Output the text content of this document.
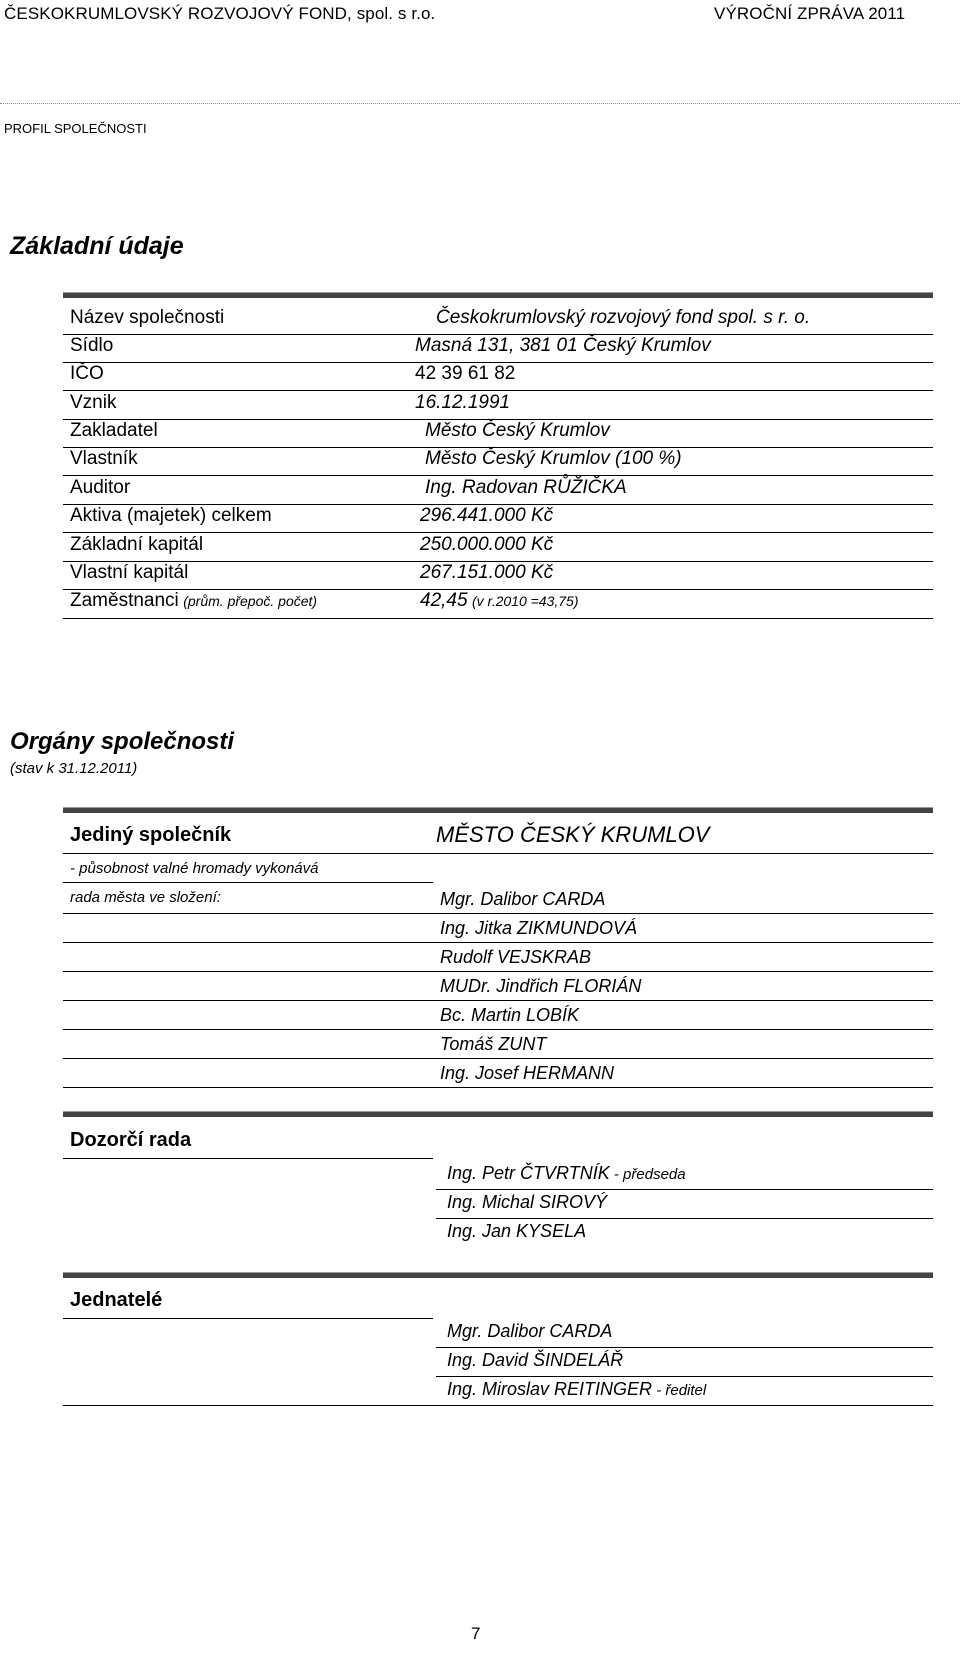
ČESKOKRUMLOVSKÝ ROZVOJOVÝ FOND, spol. s r.o.	VÝROČNÍ ZPRÁVA 2011
PROFIL SPOLEČNOSTI
Základní údaje
Název společnosti	Českokrumlovský rozvojový fond spol. s r. o.
Sídlo	Masná 131, 381 01 Český Krumlov
IČO	42 39 61 82
Vznik	16.12.1991
Zakladatel	Město Český Krumlov
Vlastník	Město Český Krumlov (100 %)
Auditor	Ing. Radovan RŮŽIČKA
Aktiva (majetek) celkem	296.441.000 Kč
Základní kapitál	250.000.000 Kč
Vlastní kapitál	267.151.000 Kč
Zaměstnanci (prům. přepoč. počet)	42,45 (v r.2010 =43,75)
Orgány společnosti
(stav k 31.12.2011)
Jediný společník	MĚSTO ČESKÝ KRUMLOV
- působnost valné hromady vykonává
rada města ve složení:	Mgr. Dalibor CARDA
Ing. Jitka ZIKMUNDOVÁ
Rudolf VEJSKRAB
MUDr. Jindřich FLORIÁN
Bc. Martin LOBÍK
Tomáš ZUNT
Ing. Josef HERMANN
Dozorčí rada
Ing. Petr ČTVRTNÍK - předseda
Ing. Michal SIROVÝ
Ing. Jan KYSELA
Jednatelé
Mgr. Dalibor CARDA
Ing. David ŠINDELÁŘ
Ing. Miroslav REITINGER - ředitel
7
